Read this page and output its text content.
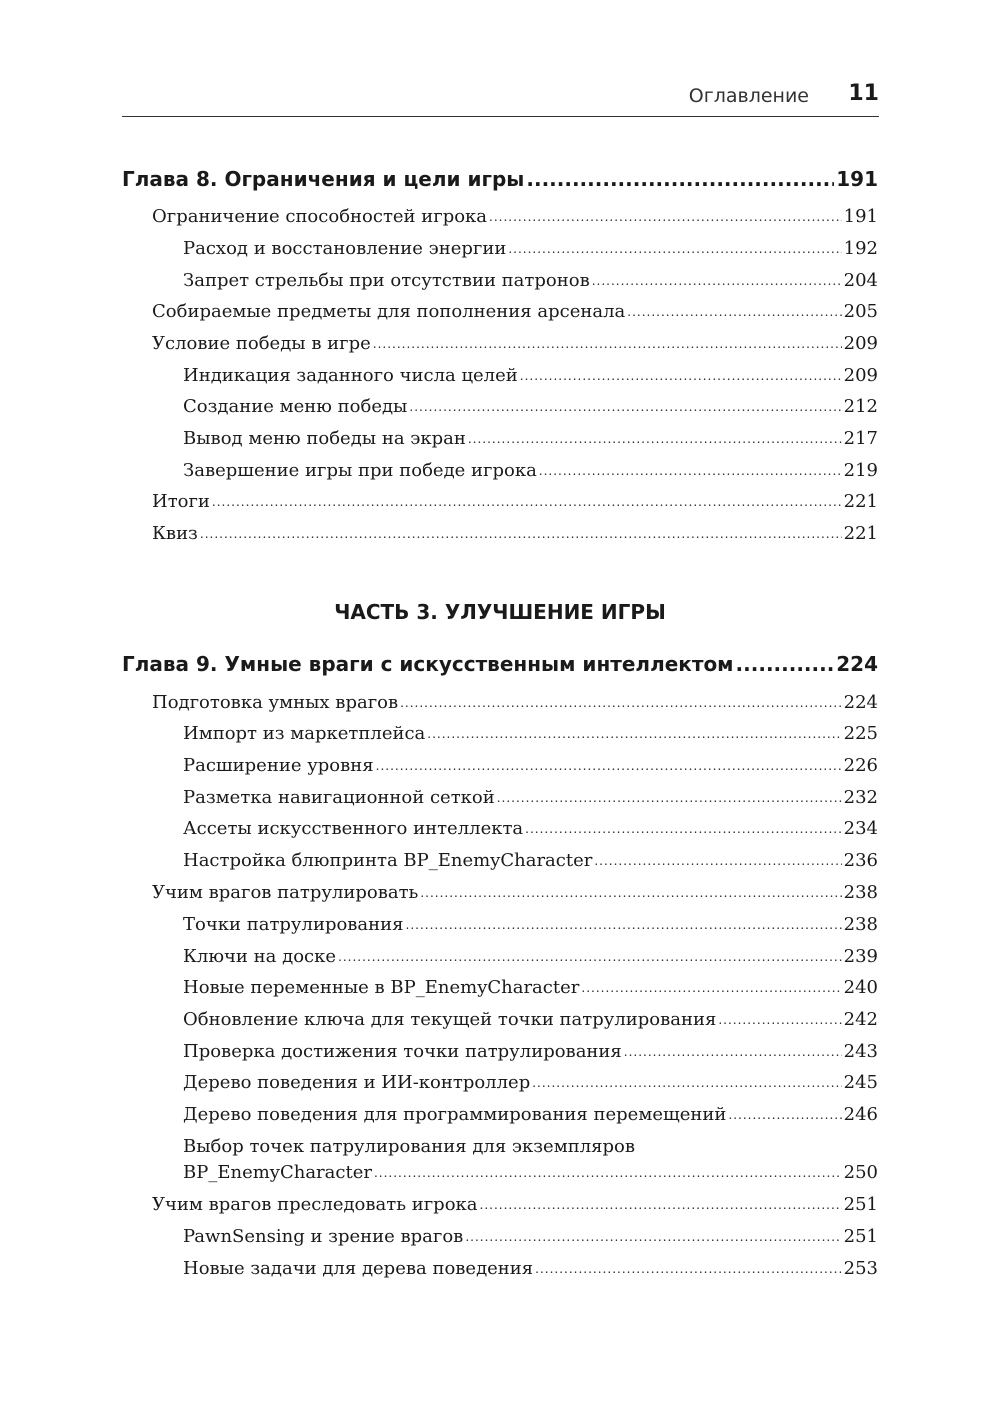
Оглавление 11
Глава 8. Ограничения и цели игры .....	191
Ограничение способностей игрока .....	191
Расход и восстановление энергии .....	192
Запрет стрельбы при отсутствии патронов .....	204
Собираемые предметы для пополнения арсенала .....	205
Условие победы в игре .....	209
Индикация заданного числа целей .....	209
Создание меню победы .....	212
Вывод меню победы на экран .....	217
Завершение игры при победе игрока .....	219
Итоги .....	221
Квиз .....	221
ЧАСТЬ 3. УЛУЧШЕНИЕ ИГРЫ
Глава 9. Умные враги с искусственным интеллектом .....	224
Подготовка умных врагов .....	224
Импорт из маркетплейса .....	225
Расширение уровня .....	226
Разметка навигационной сеткой .....	232
Ассеты искусственного интеллекта .....	234
Настройка блюпринта BP_EnemyCharacter .....	236
Учим врагов патрулировать .....	238
Точки патрулирования .....	238
Ключи на доске .....	239
Новые переменные в BP_EnemyCharacter .....	240
Обновление ключа для текущей точки патрулирования .....	242
Проверка достижения точки патрулирования .....	243
Дерево поведения и ИИ-контроллер .....	245
Дерево поведения для программирования перемещений .....	246
Выбор точек патрулирования для экземпляров
BP_EnemyCharacter .....	250
Учим врагов преследовать игрока .....	251
PawnSensing и зрение врагов .....	251
Новые задачи для дерева поведения .....	253
